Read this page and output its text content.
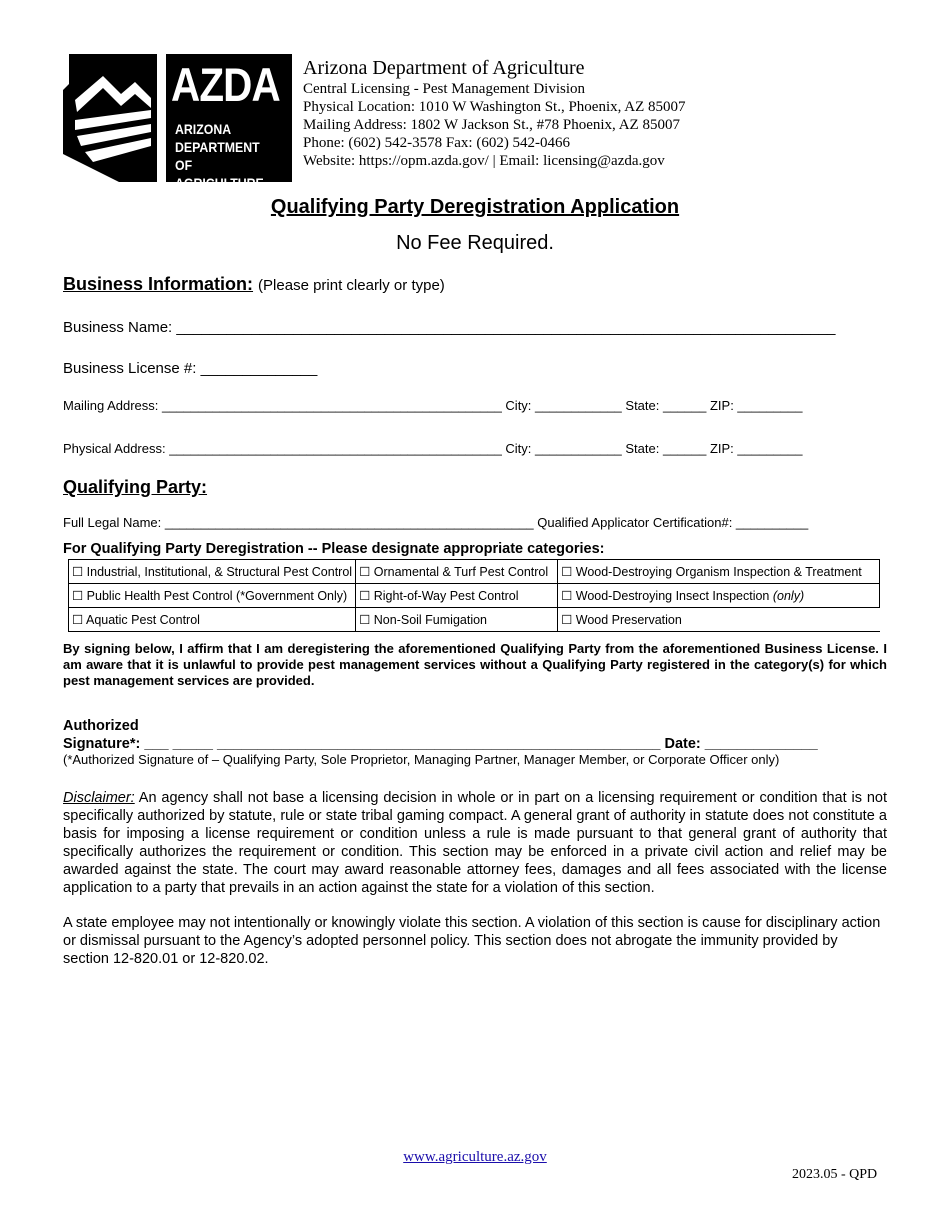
AZDA
ARIZONA
DEPARTMENT
OF AGRICULTURE
Arizona Department of Agriculture
Central Licensing - Pest Management Division
Physical Location: 1010 W Washington St., Phoenix, AZ 85007
Mailing Address: 1802 W Jackson St., #78 Phoenix, AZ 85007
Phone: (602) 542-3578 Fax: (602) 542-0466
Website: https://opm.azda.gov/ | Email: licensing@azda.gov
Qualifying Party Deregistration Application
No Fee Required.
Business Information: (Please print clearly or type)
Business Name: _______________________________________________________________________________
Business License #: ______________
Mailing Address: _______________________________________________ City: ____________ State: ______ ZIP: _________
Physical Address: ______________________________________________ City: ____________ State: ______ ZIP: _________
Qualifying Party:
Full Legal Name: ___________________________________________________ Qualified Applicator Certification#: __________
For Qualifying Party Deregistration -- Please designate appropriate categories:
☐ Industrial, Institutional, & Structural Pest Control	☐ Ornamental & Turf Pest Control	☐ Wood-Destroying Organism Inspection & Treatment
☐ Public Health Pest Control (*Government Only)	☐ Right-of-Way Pest Control	☐ Wood-Destroying Insect Inspection (only)
☐ Aquatic Pest Control	☐ Non-Soil Fumigation	☐ Wood Preservation
By signing below, I affirm that I am deregistering the aforementioned Qualifying Party from the aforementioned Business License. I am aware that it is unlawful to provide pest management services without a Qualifying Party registered in the category(s) for which pest management services are provided.
Authorized
Signature*: ___ _____ _______________________________________________________ Date: ______________
(*Authorized Signature of – Qualifying Party, Sole Proprietor, Managing Partner, Manager Member, or Corporate Officer only)
Disclaimer: An agency shall not base a licensing decision in whole or in part on a licensing requirement or condition that is not specifically authorized by statute, rule or state tribal gaming compact. A general grant of authority in statute does not constitute a basis for imposing a license requirement or condition unless a rule is made pursuant to that general grant of authority that specifically authorizes the requirement or condition. This section may be enforced in a private civil action and relief may be awarded against the state. The court may award reasonable attorney fees, damages and all fees associated with the license application to a party that prevails in an action against the state for a violation of this section.
A state employee may not intentionally or knowingly violate this section. A violation of this section is cause for disciplinary action or dismissal pursuant to the Agency’s adopted personnel policy. This section does not abrogate the immunity provided by section 12-820.01 or 12-820.02.
www.agriculture.az.gov
2023.05 - QPD
